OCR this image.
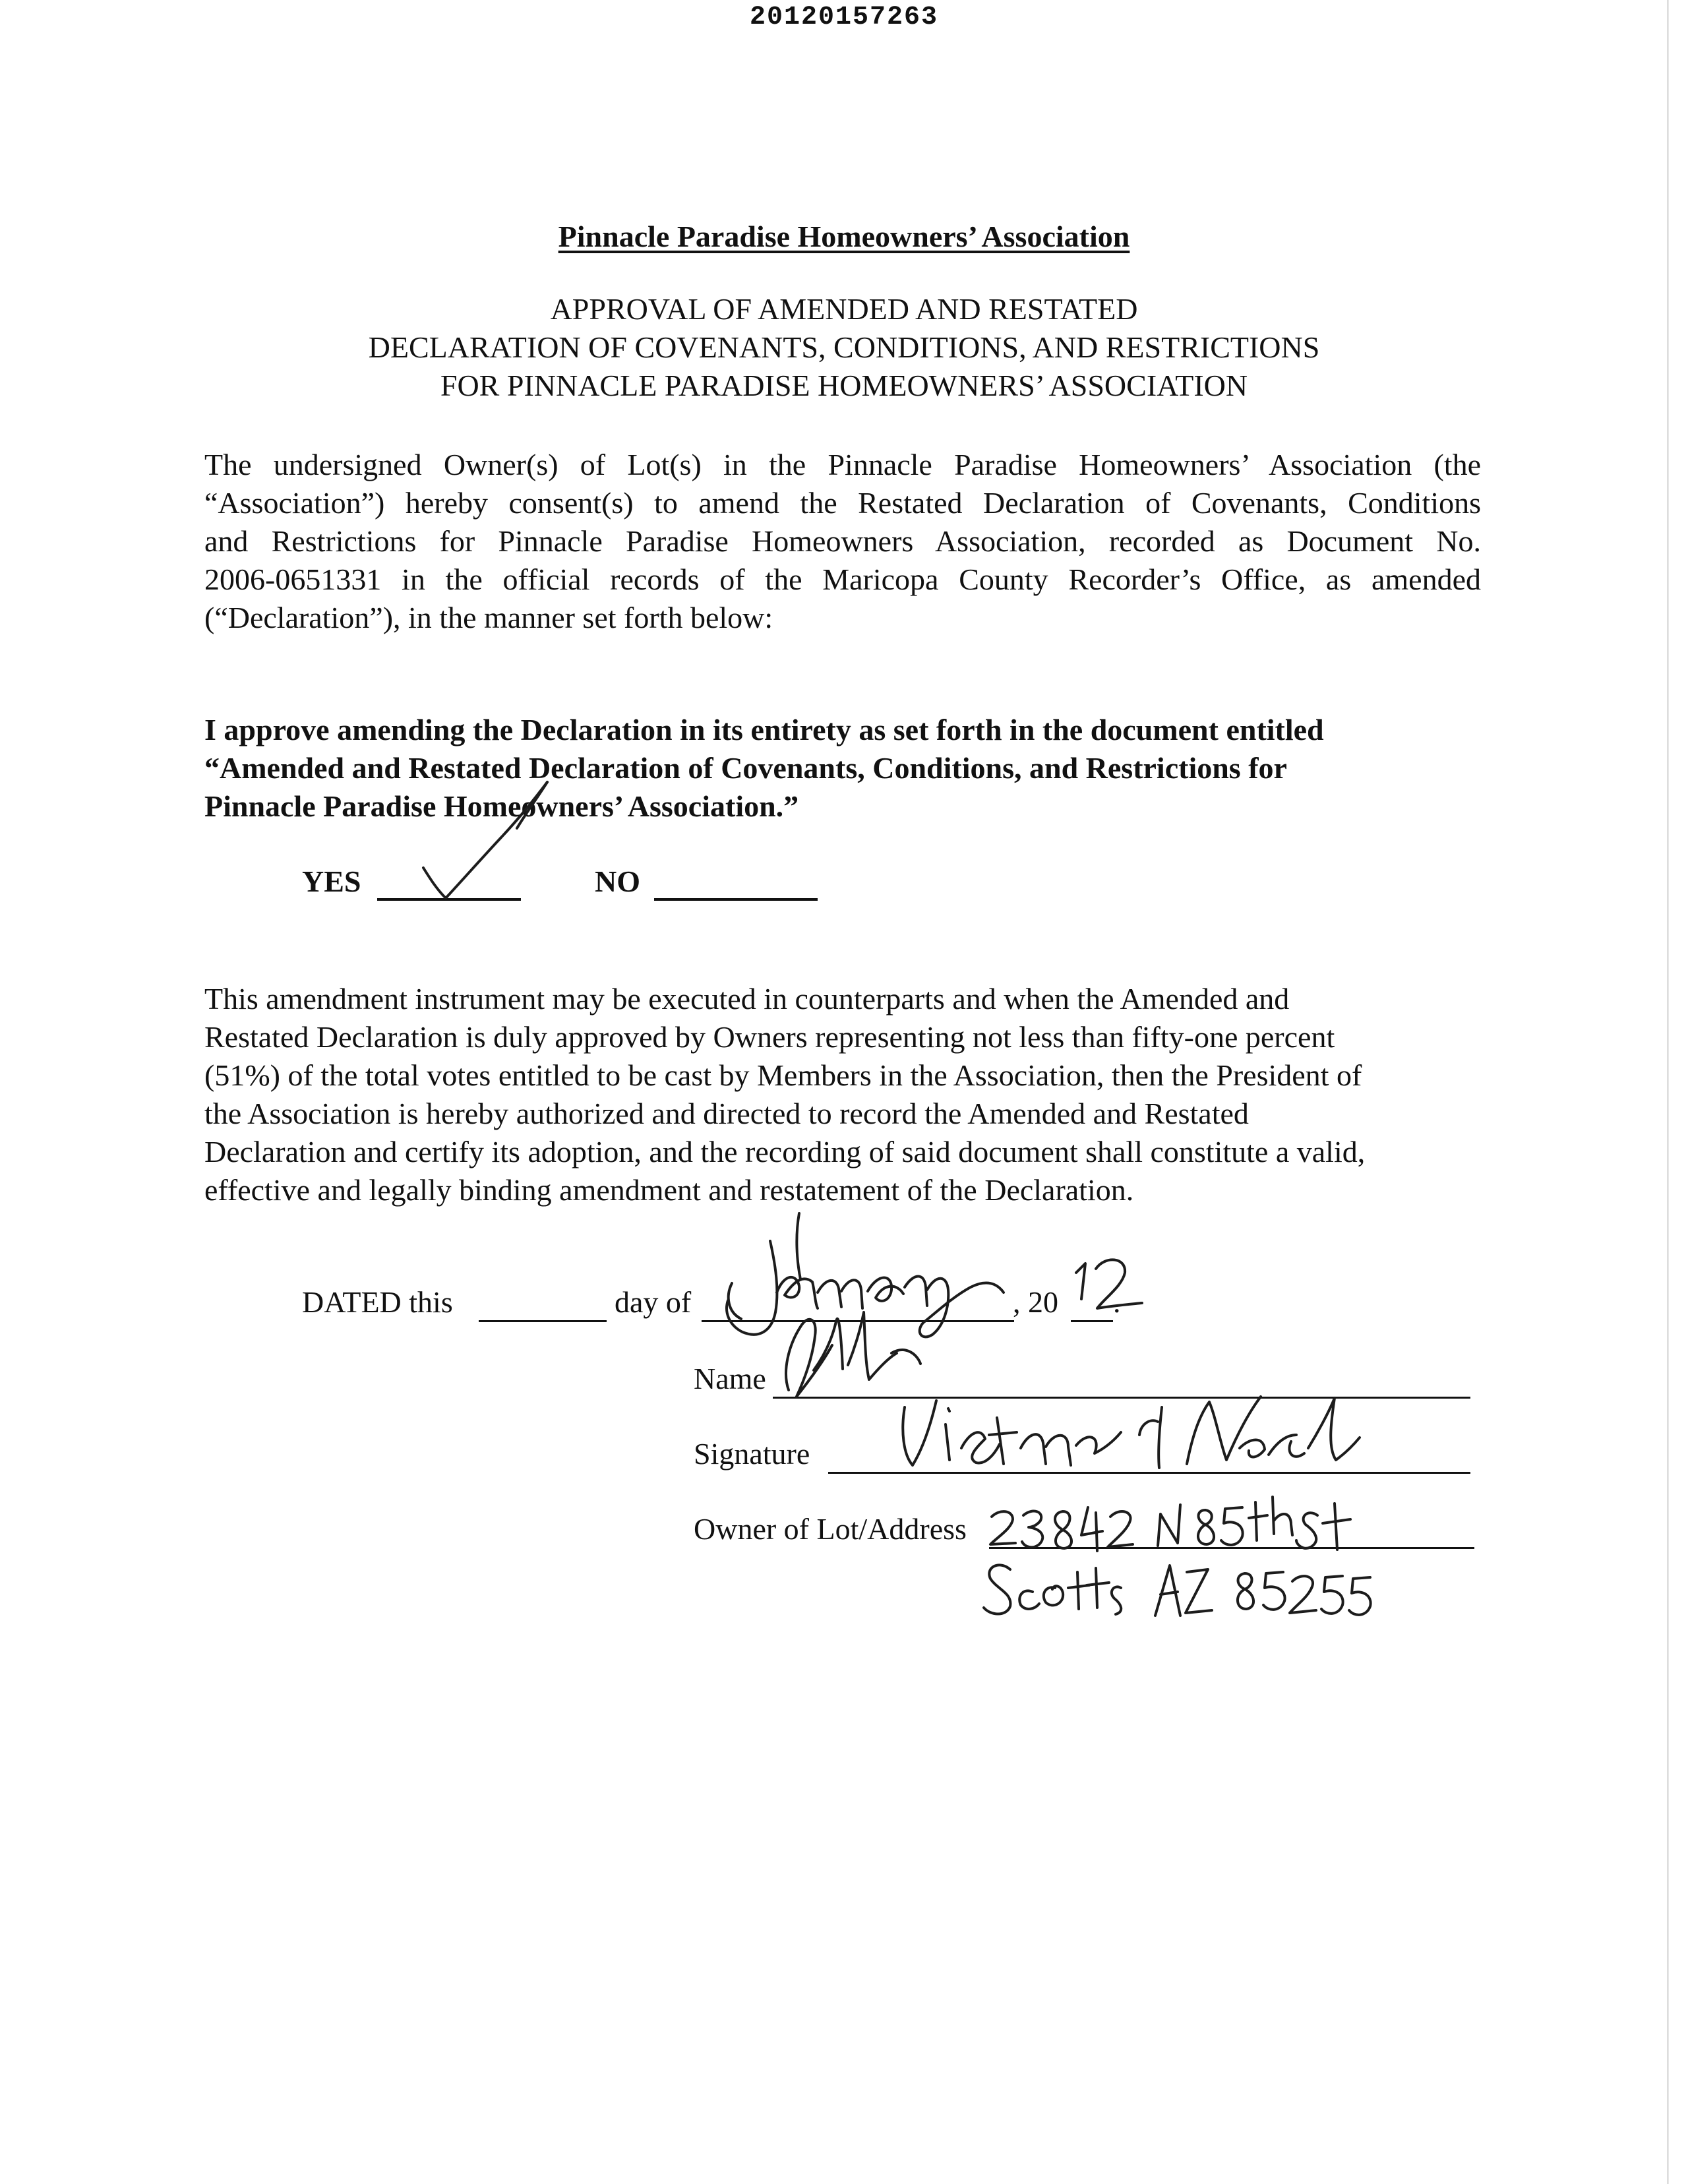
20120157263
Pinnacle Paradise Homeowners’ Association
APPROVAL OF AMENDED AND RESTATED
DECLARATION OF COVENANTS, CONDITIONS, AND RESTRICTIONS
FOR PINNACLE PARADISE HOMEOWNERS’ ASSOCIATION
The undersigned Owner(s) of Lot(s) in the Pinnacle Paradise Homeowners’ Association (the
“Association”) hereby consent(s) to amend the Restated Declaration of Covenants, Conditions
and Restrictions for Pinnacle Paradise Homeowners Association, recorded as Document No.
2006-0651331 in the official records of the Maricopa County Recorder’s Office, as amended
(“Declaration”), in the manner set forth below:
I approve amending the Declaration in its entirety as set forth in the document entitled
“Amended and Restated Declaration of Covenants, Conditions, and Restrictions for
Pinnacle Paradise Homeowners’ Association.”
YES	NO
This amendment instrument may be executed in counterparts and when the Amended and
Restated Declaration is duly approved by Owners representing not less than fifty-one percent
(51%) of the total votes entitled to be cast by Members in the Association, then the President of
the Association is hereby authorized and directed to record the Amended and Restated
Declaration and certify its adoption, and the recording of said document shall constitute a valid,
effective and legally binding amendment and restatement of the Declaration.
DATED this	day of	, 20 .
Name
Signature
Owner of Lot/Address
